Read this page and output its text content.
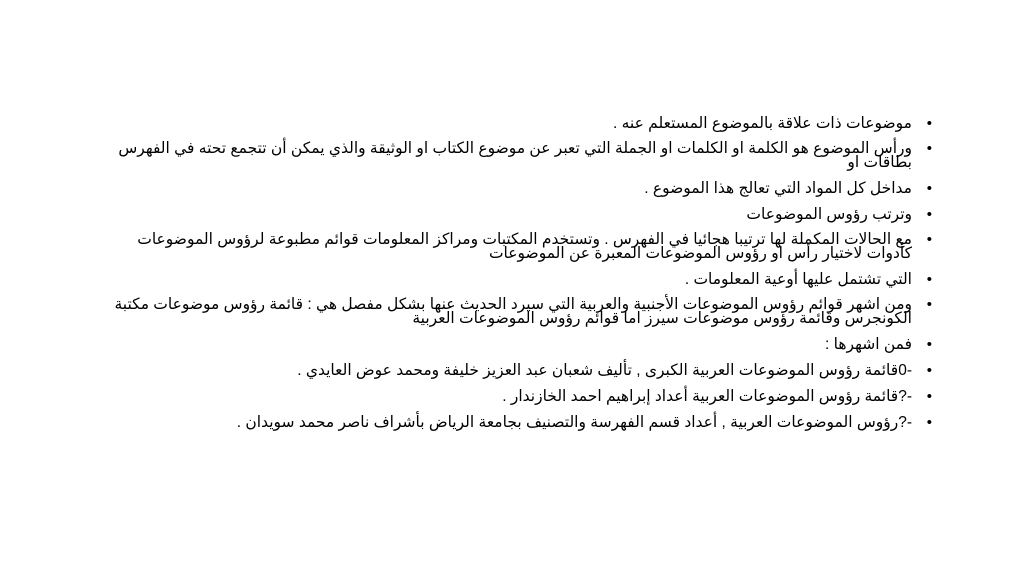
•
موضوعات ذات علاقة بالموضوع المستعلم عنه .
•
ورأس الموضوع هو الكلمة او الكلمات او الجملة التي تعبر عن موضوع الكتاب او الوثيقة والذي يمكن أن تتجمع تحته في الفهرس بطاقات او
•
مداخل كل المواد التي تعالج هذا الموضوع .
•
وترتب رؤوس الموضوعات
•
مع الحالات المكملة لها ترتيبا هجائيا في الفهرس . وتستخدم المكتبات ومراكز المعلومات قوائم مطبوعة لرؤوس الموضوعات كأدوات لاختيار رأس او رؤوس الموضوعات المعبرة عن الموضوعات
•
التي تشتمل عليها أوعية المعلومات .
•
ومن اشهر قوائم رؤوس الموضوعات الأجنبية والعربية التي سيرد الحديث عنها بشكل مفصل هي : قائمة رؤوس موضوعات مكتبة الكونجرس وقائمة رؤوس موضوعات سيرز اما قوائم رؤوس الموضوعات العربية
•
فمن اشهرها :
•
-0قائمة رؤوس الموضوعات العربية الكبرى , تأليف شعبان عبد العزيز خليفة ومحمد عوض العايدي .
•
-?قائمة رؤوس الموضوعات العربية أعداد إبراهيم احمد الخازندار .
•
-?رؤوس الموضوعات العربية , أعداد قسم الفهرسة والتصنيف بجامعة الرياض بأشراف ناصر محمد سويدان .
